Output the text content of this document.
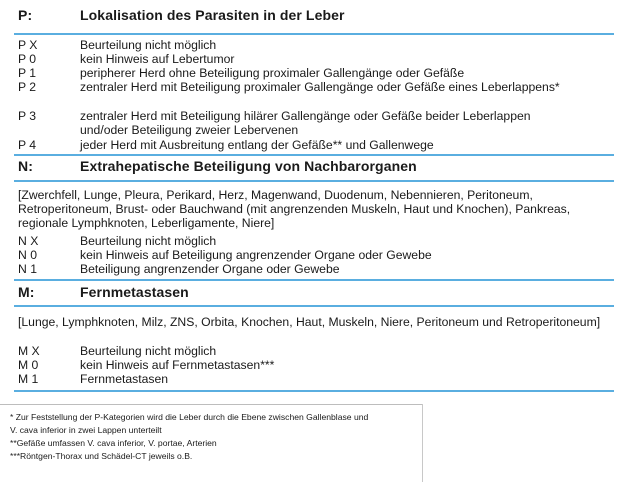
P:	Lokalisation des Parasiten in der Leber
P X	Beurteilung nicht möglich
P 0	kein Hinweis auf Lebertumor
P 1	peripherer Herd ohne Beteiligung proximaler Gallengänge oder Gefäße
P 2	zentraler Herd mit Beteiligung proximaler Gallengänge oder Gefäße eines Leberlappens*
P 3	zentraler Herd mit Beteiligung hilärer Gallengänge oder Gefäße beider Leberlappen und/oder Beteiligung zweier Lebervenen
P 4	jeder Herd mit Ausbreitung entlang der Gefäße** und Gallenwege
N:	Extrahepatische Beteiligung von Nachbarorganen
[Zwerchfell, Lunge, Pleura, Perikard, Herz, Magenwand, Duodenum, Nebennieren, Peritoneum, Retroperitoneum, Brust- oder Bauchwand (mit angrenzenden Muskeln, Haut und Knochen), Pankreas, regionale Lymphknoten, Leberligamente, Niere]
N X	Beurteilung nicht möglich
N 0	kein Hinweis auf Beteiligung angrenzender Organe oder Gewebe
N 1	Beteiligung angrenzender Organe oder Gewebe
M:	Fernmetastasen
[Lunge, Lymphknoten, Milz, ZNS, Orbita, Knochen, Haut, Muskeln, Niere, Peritoneum und Retroperitoneum]
M X	Beurteilung nicht möglich
M 0	kein Hinweis auf Fernmetastasen***
M 1	Fernmetastasen
* Zur Feststellung der P-Kategorien wird die Leber durch die Ebene zwischen Gallenblase und
V. cava inferior in zwei Lappen unterteilt
**Gefäße umfassen V. cava inferior, V. portae, Arterien
***Röntgen-Thorax und Schädel-CT jeweils o.B.
